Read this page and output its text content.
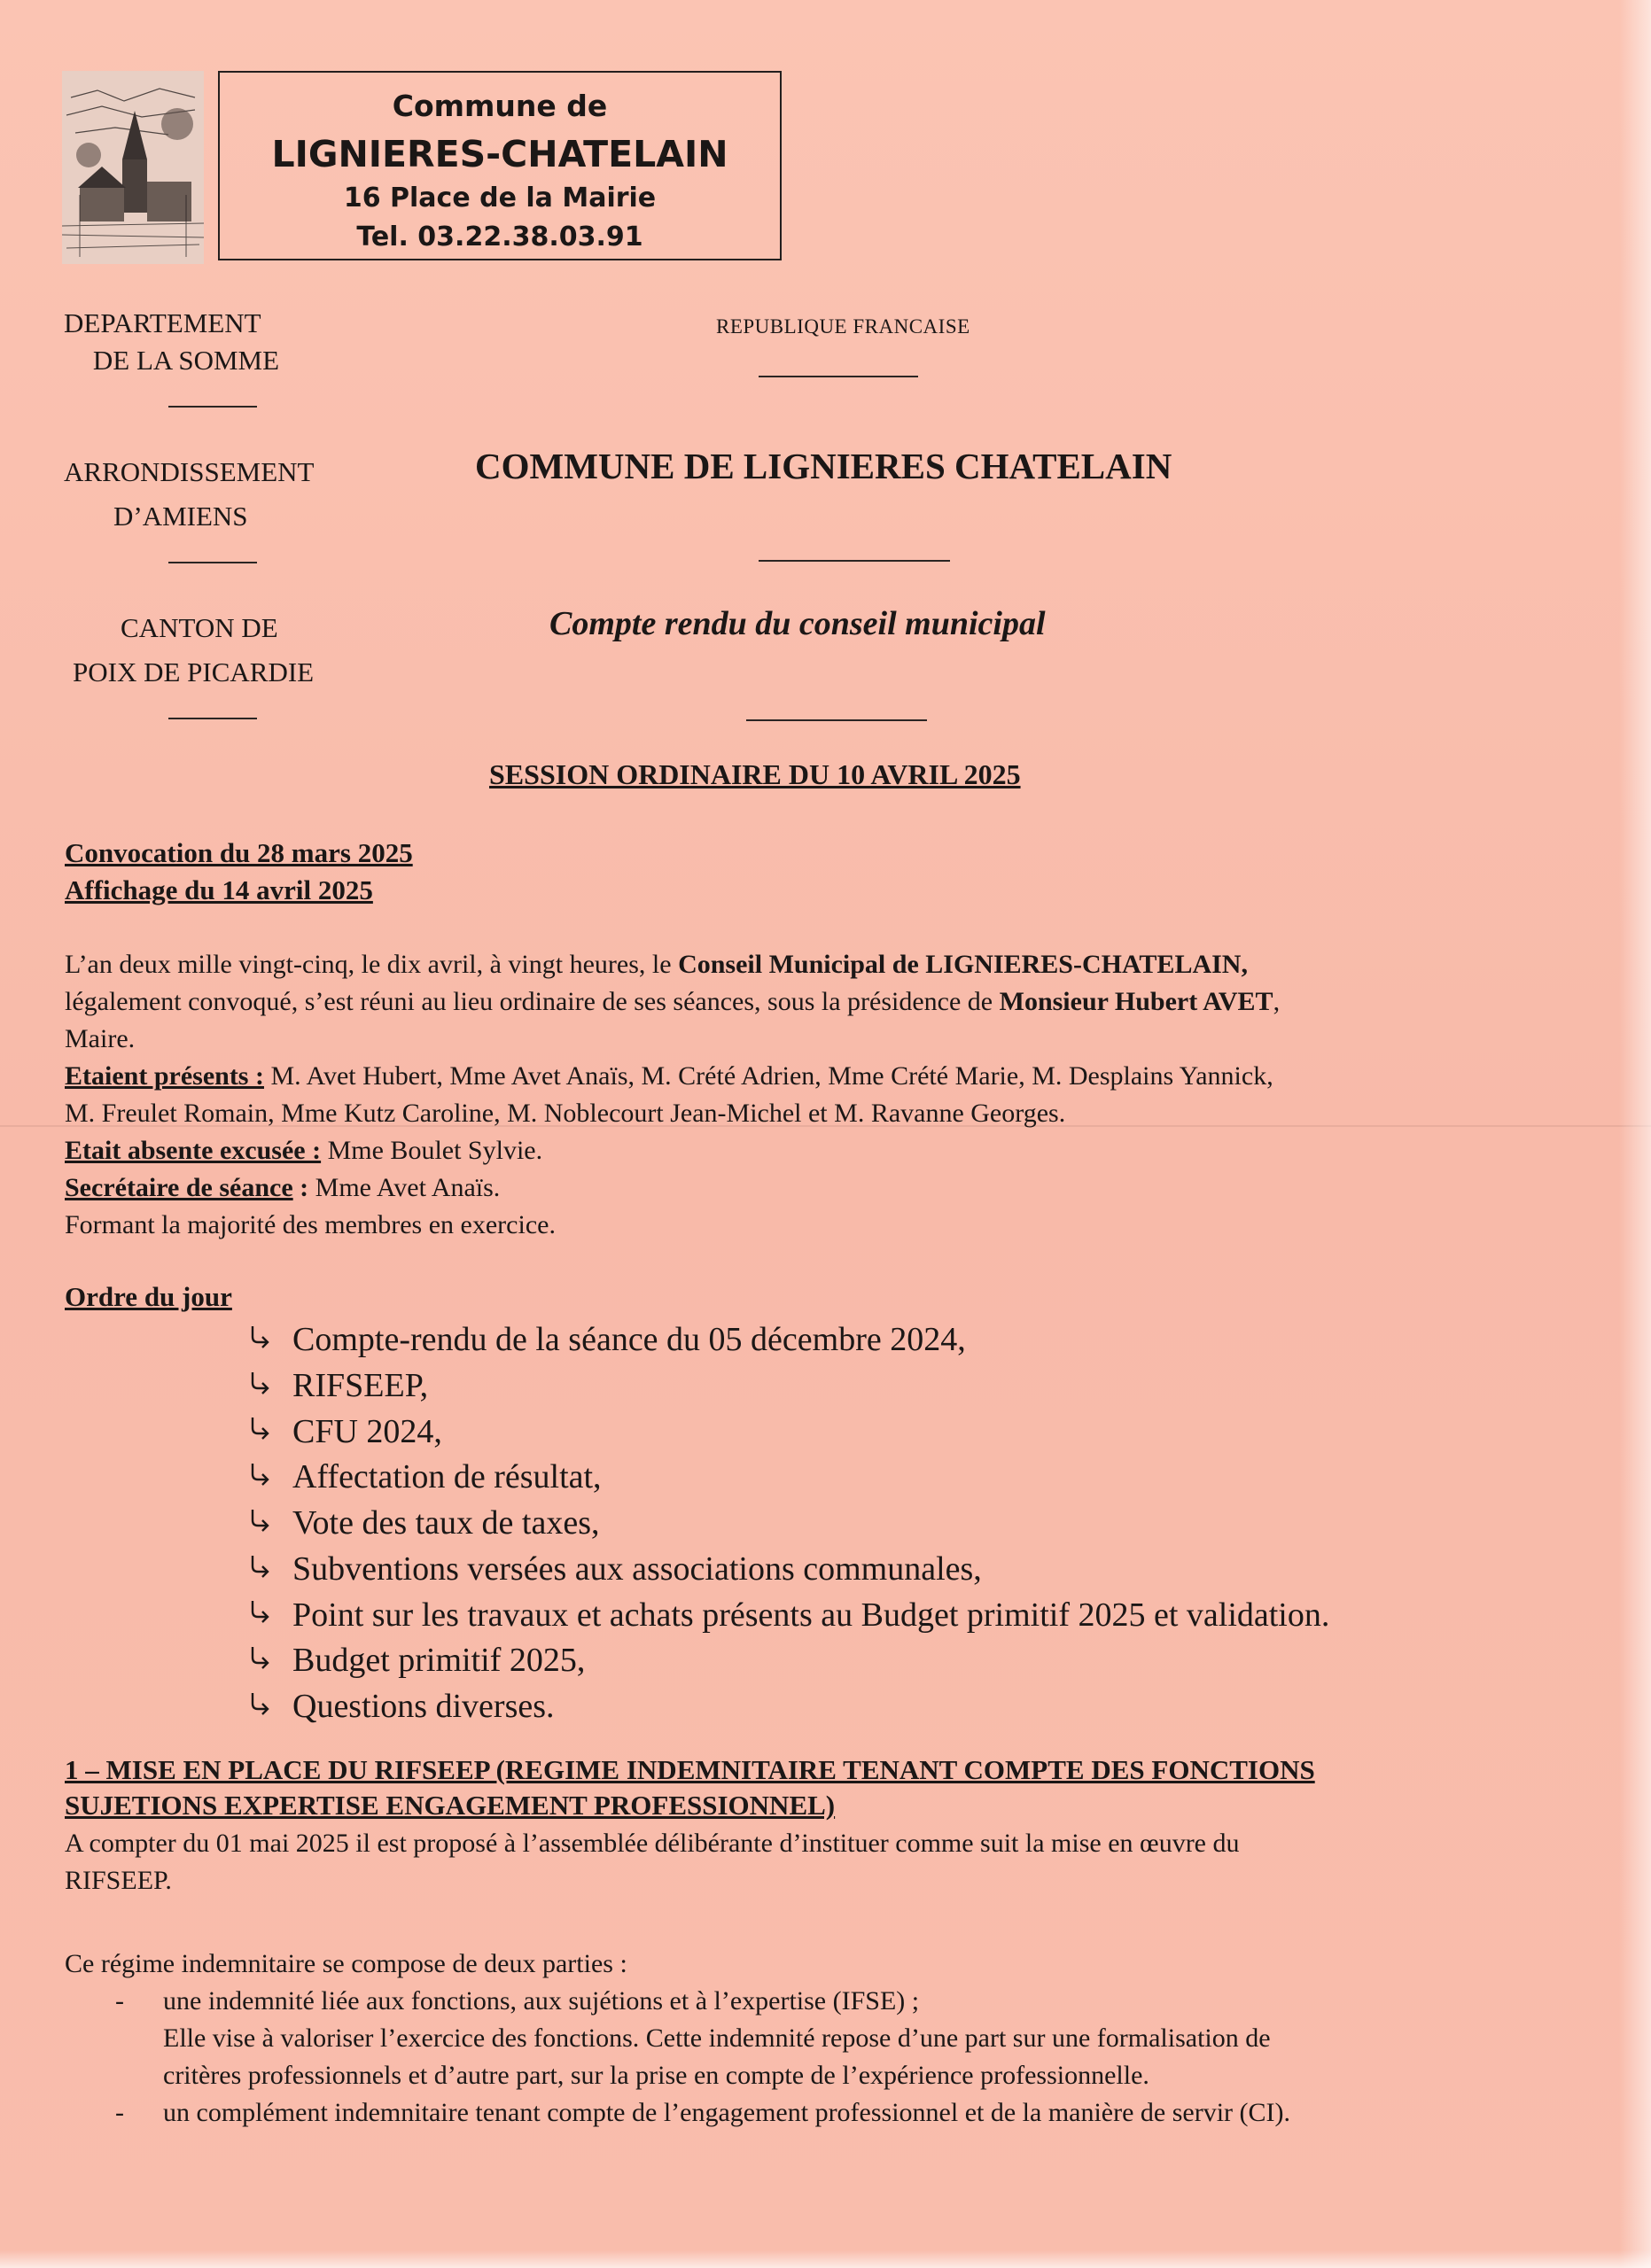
Commune de
LIGNIERES-CHATELAIN
16 Place de la Mairie
Tel. 03.22.38.03.91
DEPARTEMENT
DE LA SOMME
ARRONDISSEMENT
D’AMIENS
CANTON DE
POIX DE PICARDIE
REPUBLIQUE FRANCAISE
COMMUNE DE LIGNIERES CHATELAIN
Compte rendu du conseil municipal
SESSION ORDINAIRE DU 10 AVRIL 2025
Convocation du 28 mars 2025
Affichage du 14 avril 2025
L’an deux mille vingt-cinq, le dix avril, à vingt heures, le Conseil Municipal de LIGNIERES-CHATELAIN,
légalement convoqué, s’est réuni au lieu ordinaire de ses séances, sous la présidence de Monsieur Hubert AVET,
Maire.
Etaient présents : M. Avet Hubert, Mme Avet Anaïs, M. Crété Adrien, Mme Crété Marie, M. Desplains Yannick,
M. Freulet Romain, Mme Kutz Caroline, M. Noblecourt Jean-Michel et M. Ravanne Georges.
Etait absente excusée : Mme Boulet Sylvie.
Secrétaire de séance : Mme Avet Anaïs.
Formant la majorité des membres en exercice.
Ordre du jour
Compte-rendu de la séance du 05 décembre 2024,
RIFSEEP,
CFU 2024,
Affectation de résultat,
Vote des taux de taxes,
Subventions versées aux associations communales,
Point sur les travaux et achats présents au Budget primitif 2025 et validation.
Budget primitif 2025,
Questions diverses.
1 – MISE EN PLACE DU RIFSEEP (REGIME INDEMNITAIRE TENANT COMPTE DES FONCTIONS
SUJETIONS EXPERTISE ENGAGEMENT PROFESSIONNEL)
A compter du 01 mai 2025 il est proposé à l’assemblée délibérante d’instituer comme suit la mise en œuvre du
RIFSEEP.
Ce régime indemnitaire se compose de deux parties :
- une indemnité liée aux fonctions, aux sujétions et à l’expertise (IFSE) ;
Elle vise à valoriser l’exercice des fonctions. Cette indemnité repose d’une part sur une formalisation de
critères professionnels et d’autre part, sur la prise en compte de l’expérience professionnelle.
- un complément indemnitaire tenant compte de l’engagement professionnel et de la manière de servir (CI).
